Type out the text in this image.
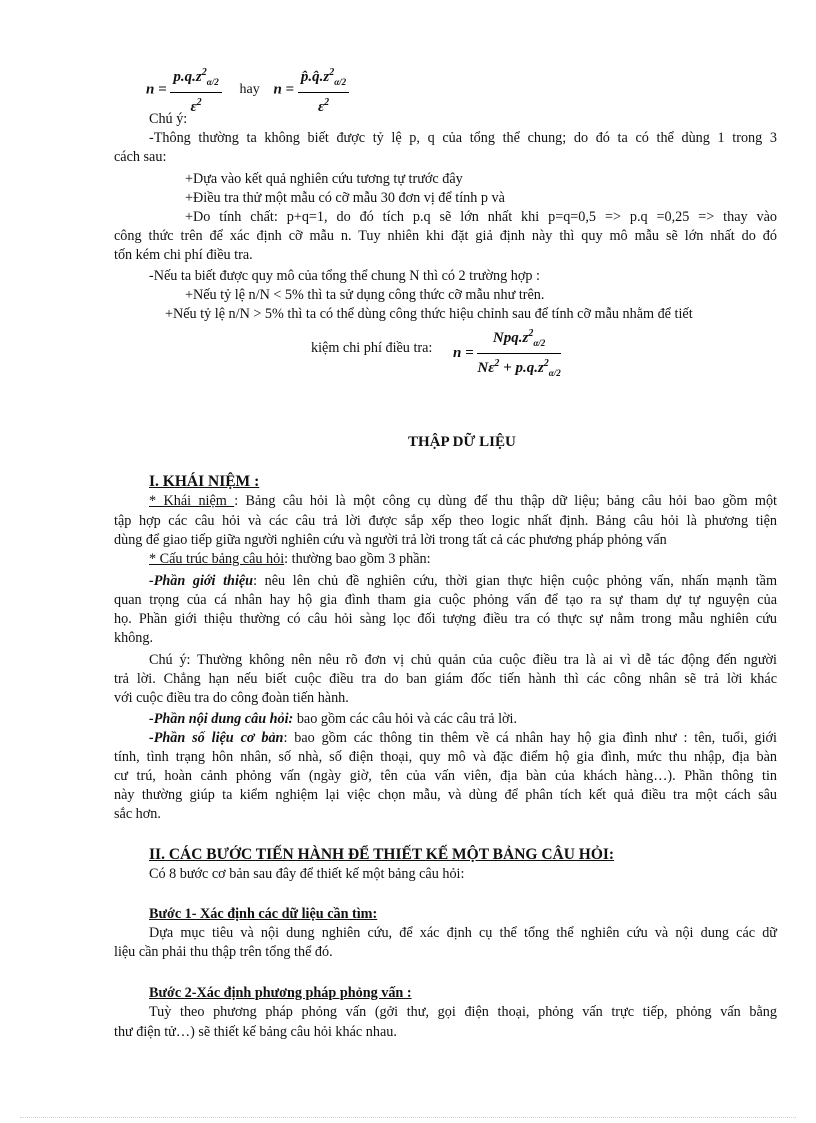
$n = \frac{p.q.z^2_{\alpha/2}}{\varepsilon^2}$ hay $n = \frac{p̂.q̂.z^2_{\alpha/2}}{\varepsilon^2}$
Chú ý:
-Thông thường ta không biết được tỷ lệ p, q của tổng thể chung; do đó ta có thể dùng 1 trong 3
cách sau:
+Dựa vào kết quả nghiên cứu tương tự trước đây
+Điều tra thử một mẫu có cỡ mẫu 30 đơn vị để tính p và
+Do tính chất: p+q=1, do đó tích p.q sẽ lớn nhất khi p=q=0,5 => p.q =0,25 => thay vào
công thức trên để xác định cỡ mẫu n. Tuy nhiên khi đặt giả định này thì quy mô mẫu sẽ lớn nhất do đó
tốn kém chi phí điều tra.
-Nếu ta biết được quy mô của tổng thể chung N thì có 2 trường hợp :
+Nếu tỷ lệ n/N < 5% thì ta sử dụng công thức cỡ mẫu như trên.
+Nếu tỷ lệ n/N > 5% thì ta có thể dùng công thức hiệu chỉnh sau để tính cỡ mẫu nhằm để tiết
kiệm chi phí điều tra: $n = \frac{Npq.z^2_{\alpha/2}}{N\varepsilon^2 + p.q.z^2_{\alpha/2}}$
THẬP DỮ LIỆU
I. KHÁI NIỆM :
* Khái niệm : Bảng câu hỏi là một công cụ dùng để thu thập dữ liệu; bảng câu hỏi bao gồm một
tập hợp các câu hỏi và các câu trả lời được sắp xếp theo logic nhất định. Bảng câu hỏi là phương tiện
dùng để giao tiếp giữa người nghiên cứu và người trả lời trong tất cả các phương pháp phỏng vấn
* Cấu trúc bảng câu hỏi: thường bao gồm 3 phần:
-Phần giới thiệu: nêu lên chủ đề nghiên cứu, thời gian thực hiện cuộc phỏng vấn, nhấn mạnh tầm
quan trọng của cá nhân hay hộ gia đình tham gia cuộc phỏng vấn để tạo ra sự tham dự tự nguyện của
họ. Phần giới thiệu thường có câu hỏi sàng lọc đối tượng điều tra có thực sự nằm trong mẫu nghiên cứu
không.
Chú ý: Thường không nên nêu rõ đơn vị chủ quản của cuộc điều tra là ai vì dễ tác động đến người
trả lời. Chẳng hạn nếu biết cuộc điều tra do ban giám đốc tiến hành thì các công nhân sẽ trả lời khác
với cuộc điều tra do công đoàn tiến hành.
-Phần nội dung câu hỏi: bao gồm các câu hỏi và các câu trả lời.
-Phần số liệu cơ bản: bao gồm các thông tin thêm về cá nhân hay hộ gia đình như : tên, tuổi, giới
tính, tình trạng hôn nhân, số nhà, số điện thoại, quy mô và đặc điểm hộ gia đình, mức thu nhập, địa bàn
cư trú, hoàn cảnh phỏng vấn (ngày giờ, tên của vấn viên, địa bàn của khách hàng…). Phần thông tin
này thường giúp ta kiểm nghiệm lại việc chọn mẫu, và dùng để phân tích kết quả điều tra một cách sâu
sắc hơn.
II. CÁC BƯỚC TIẾN HÀNH ĐỂ THIẾT KẾ MỘT BẢNG CÂU HỎI:
Có 8 bước cơ bản sau đây để thiết kế một bảng câu hỏi:
Bước 1- Xác định các dữ liệu cần tìm:
Dựa mục tiêu và nội dung nghiên cứu, để xác định cụ thể tổng thể nghiên cứu và nội dung các dữ
liệu cần phải thu thập trên tổng thể đó.
Bước 2-Xác định phương pháp phỏng vấn :
Tuỳ theo phương pháp phỏng vấn (gởi thư, gọi điện thoại, phỏng vấn trực tiếp, phỏng vấn bằng
thư điện tử…) sẽ thiết kế bảng câu hỏi khác nhau.
